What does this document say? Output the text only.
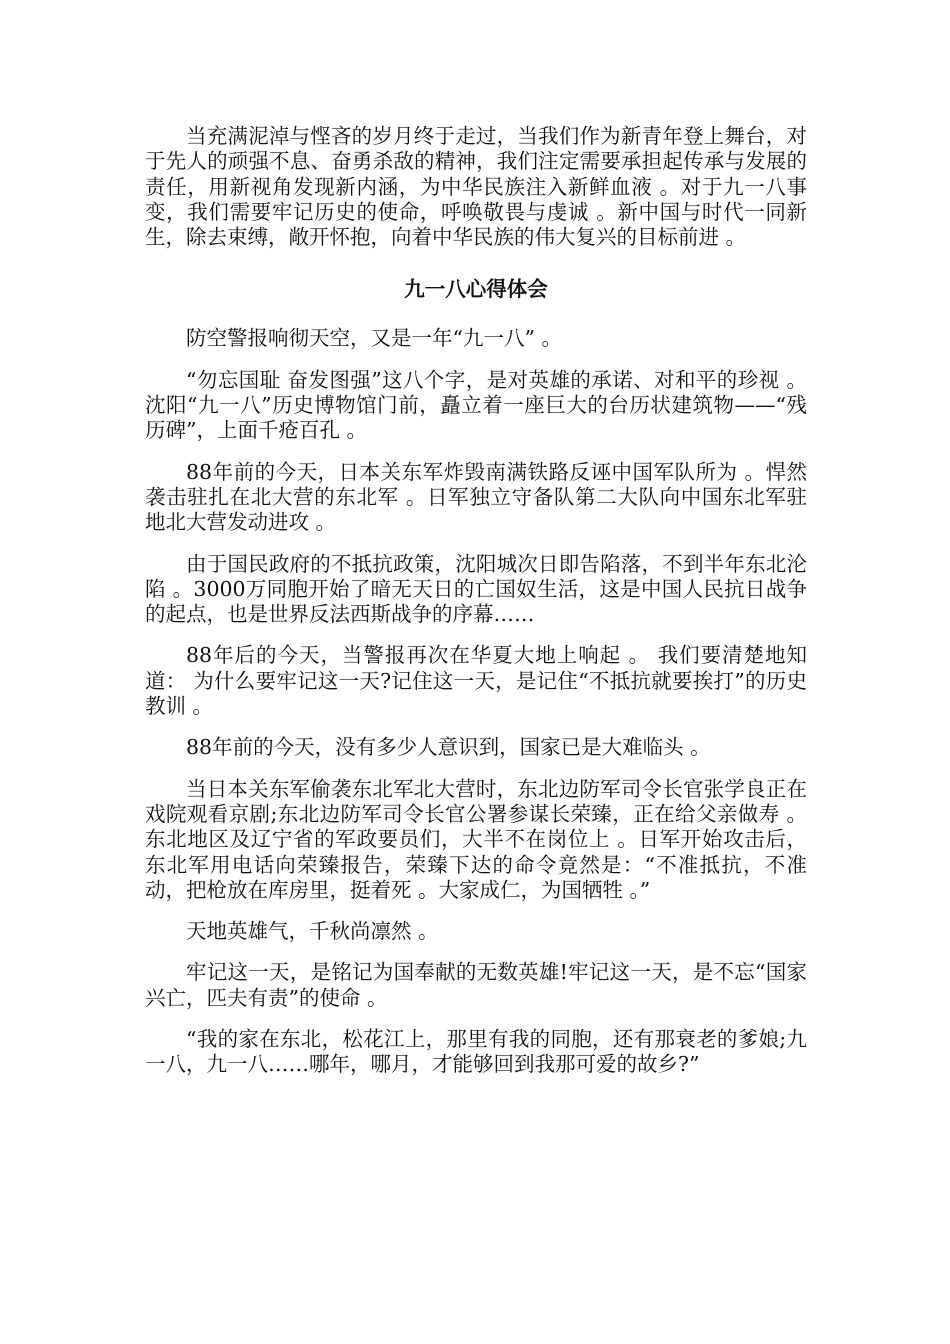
当充满泥淖与悭吝的岁月终于走过，当我们作为新青年登上舞台，对于先人的顽强不息、奋勇杀敌的精神，我们注定需要承担起传承与发展的责任，用新视角发现新内涵，为中华民族注入新鲜血液 。对于九一八事变，我们需要牢记历史的使命，呼唤敬畏与虔诚 。新中国与时代一同新生，除去束缚，敞开怀抱，向着中华民族的伟大复兴的目标前进 。

九一八心得体会

防空警报响彻天空，又是一年“九一八” 。

“勿忘国耻 奋发图强”这八个字，是对英雄的承诺、对和平的珍视 。沈阳“九一八”历史博物馆门前，矗立着一座巨大的台历状建筑物——“残历碑”，上面千疮百孔 。

88年前的今天，日本关东军炸毁南满铁路反诬中国军队所为 。悍然袭击驻扎在北大营的东北军 。日军独立守备队第二大队向中国东北军驻地北大营发动进攻 。

由于国民政府的不抵抗政策，沈阳城次日即告陷落，不到半年东北沦陷 。3000万同胞开始了暗无天日的亡国奴生活，这是中国人民抗日战争的起点，也是世界反法西斯战争的序幕……

88年后的今天，当警报再次在华夏大地上响起 。 我们要清楚地知道： 为什么要牢记这一天?记住这一天，是记住“不抵抗就要挨打”的历史教训 。

88年前的今天，没有多少人意识到，国家已是大难临头 。

当日本关东军偷袭东北军北大营时，东北边防军司令长官张学良正在戏院观看京剧;东北边防军司令长官公署参谋长荣臻，正在给父亲做寿 。东北地区及辽宁省的军政要员们，大半不在岗位上 。日军开始攻击后，东北军用电话向荣臻报告，荣臻下达的命令竟然是：“不准抵抗，不准动，把枪放在库房里，挺着死 。大家成仁，为国牺牲 。”

天地英雄气，千秋尚凛然 。

牢记这一天，是铭记为国奉献的无数英雄!牢记这一天，是不忘“国家兴亡，匹夫有责”的使命 。

“我的家在东北，松花江上，那里有我的同胞，还有那衰老的爹娘;九一八，九一八……哪年，哪月，才能够回到我那可爱的故乡?”
